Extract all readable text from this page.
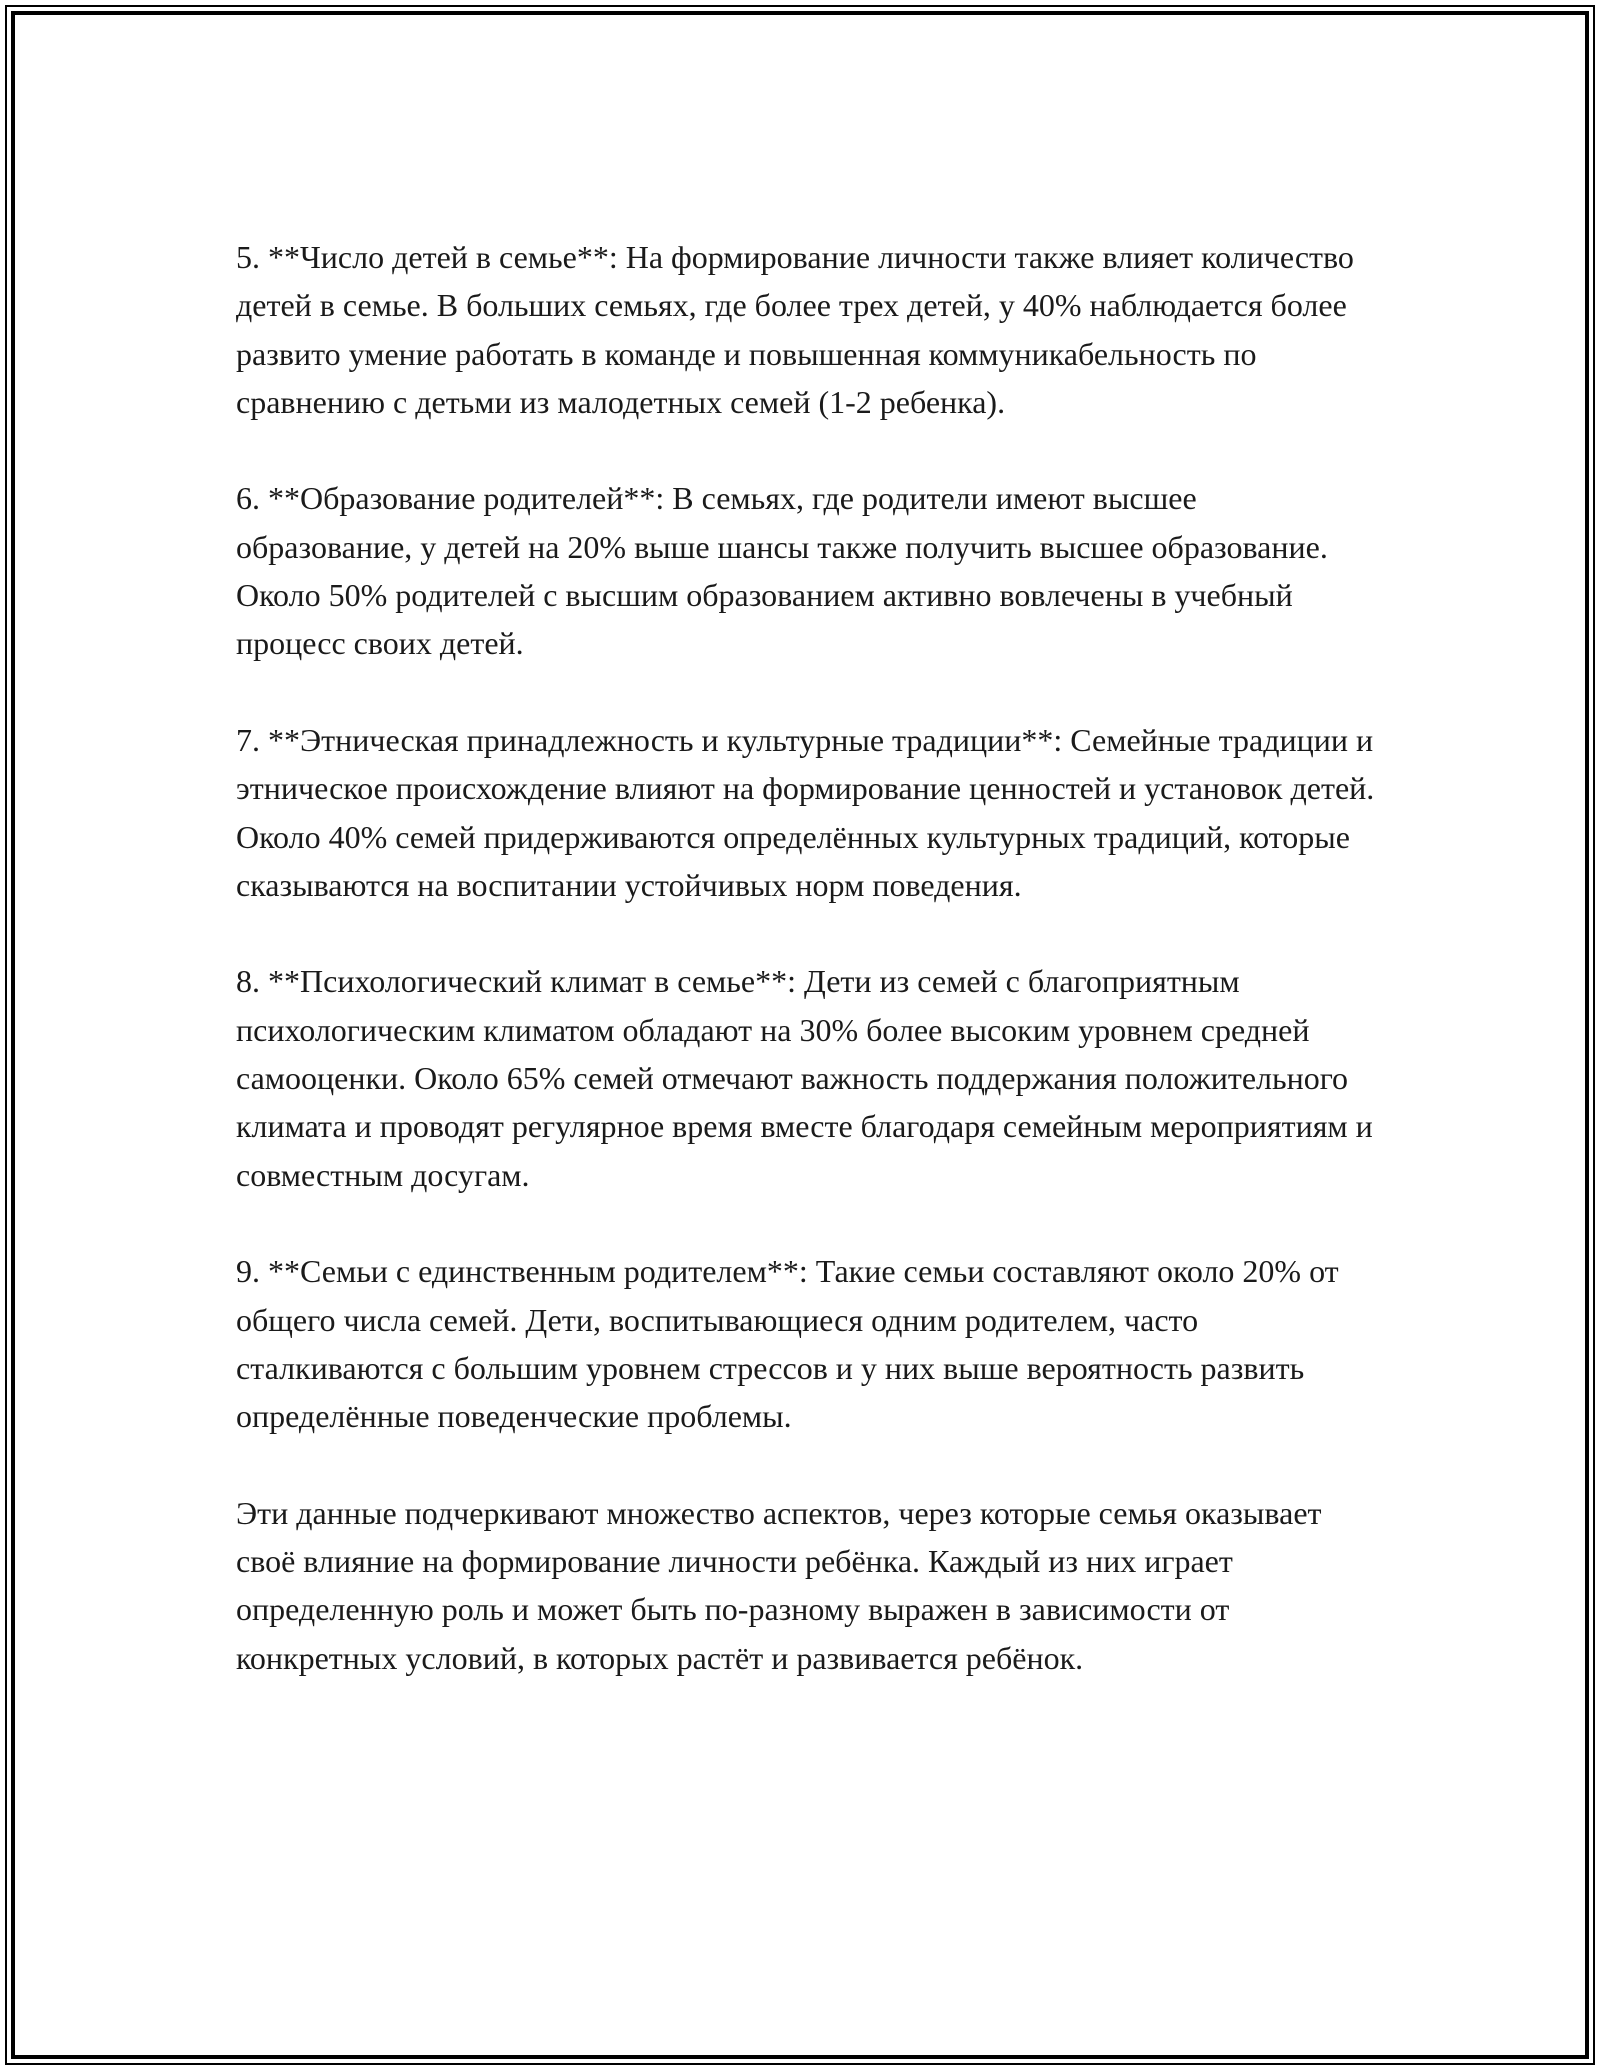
5. **Число детей в семье**: На формирование личности также влияет количество детей в семье. В больших семьях, где более трех детей, у 40% наблюдается более развито умение работать в команде и повышенная коммуникабельность по сравнению с детьми из малодетных семей (1-2 ребенка).

6. **Образование родителей**: В семьях, где родители имеют высшее образование, у детей на 20% выше шансы также получить высшее образование. Около 50% родителей с высшим образованием активно вовлечены в учебный процесс своих детей.

7. **Этническая принадлежность и культурные традиции**: Семейные традиции и этническое происхождение влияют на формирование ценностей и установок детей. Около 40% семей придерживаются определённых культурных традиций, которые сказываются на воспитании устойчивых норм поведения.

8. **Психологический климат в семье**: Дети из семей с благоприятным психологическим климатом обладают на 30% более высоким уровнем средней самооценки. Около 65% семей отмечают важность поддержания положительного климата и проводят регулярное время вместе благодаря семейным мероприятиям и совместным досугам.

9. **Семьи с единственным родителем**: Такие семьи составляют около 20% от общего числа семей. Дети, воспитывающиеся одним родителем, часто сталкиваются с большим уровнем стрессов и у них выше вероятность развить определённые поведенческие проблемы.

Эти данные подчеркивают множество аспектов, через которые семья оказывает своё влияние на формирование личности ребёнка. Каждый из них играет определенную роль и может быть по-разному выражен в зависимости от конкретных условий, в которых растёт и развивается ребёнок.
